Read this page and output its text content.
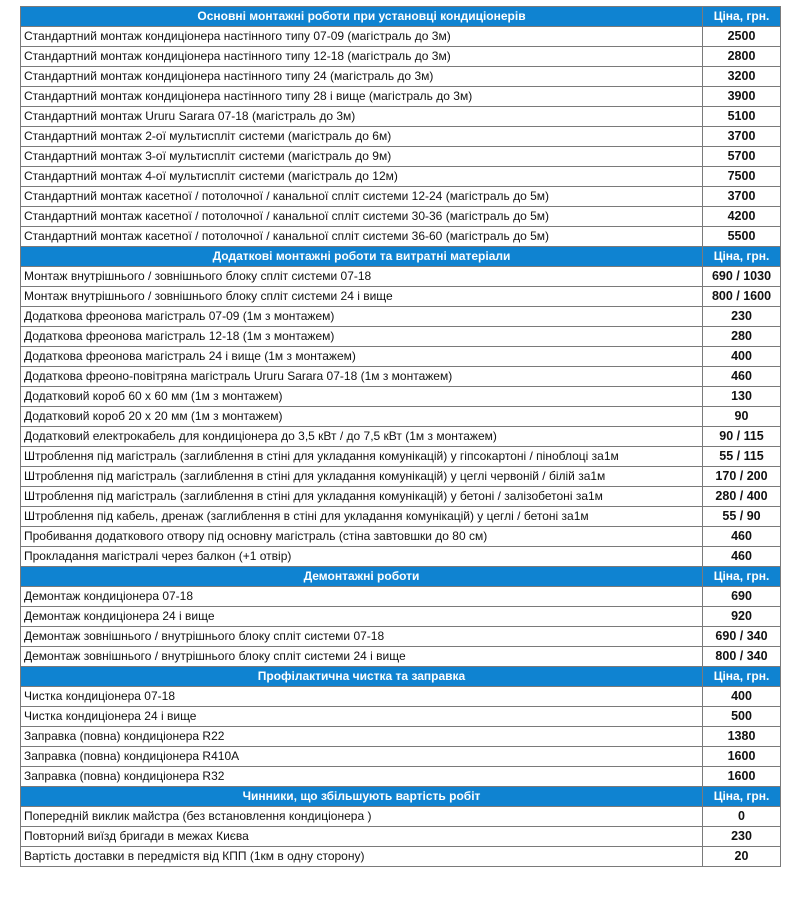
Основні монтажні роботи при установці кондиціонерів	Ціна, грн.
Стандартний монтаж кондиціонера настінного типу 07-09 (магістраль до 3м)	2500
Стандартний монтаж кондиціонера настінного типу 12-18 (магістраль до 3м)	2800
Стандартний монтаж кондиціонера настінного типу 24 (магістраль до 3м)	3200
Стандартний монтаж кондиціонера настінного типу 28 і вище (магістраль до 3м)	3900
Стандартний монтаж Ururu Sarara 07-18 (магістраль до 3м)	5100
Стандартний монтаж 2-ої мультиспліт системи (магістраль до 6м)	3700
Стандартний монтаж 3-ої мультиспліт системи (магістраль до 9м)	5700
Стандартний монтаж 4-ої мультиспліт системи (магістраль до 12м)	7500
Стандартний монтаж касетної / потолочної / канальної спліт системи 12-24 (магістраль до 5м)	3700
Стандартний монтаж касетної / потолочної / канальної спліт системи 30-36 (магістраль до 5м)	4200
Стандартний монтаж касетної / потолочної / канальної спліт системи 36-60 (магістраль до 5м)	5500
Додаткові монтажні роботи та витратні матеріали	Ціна, грн.
Монтаж внутрішнього / зовнішнього блоку спліт системи 07-18	690 / 1030
Монтаж внутрішнього / зовнішнього блоку спліт системи 24 і вище	800 / 1600
Додаткова фреонова магістраль 07-09 (1м з монтажем)	230
Додаткова фреонова магістраль 12-18 (1м з монтажем)	280
Додаткова фреонова магістраль 24 і вище (1м з монтажем)	400
Додаткова фреоно-повітряна магістраль Ururu Sarara 07-18 (1м з монтажем)	460
Додатковий короб 60 х 60 мм (1м з монтажем)	130
Додатковий короб 20 х 20 мм (1м з монтажем)	90
Додатковий електрокабель для кондиціонера до 3,5 кВт / до 7,5 кВт (1м з монтажем)	90 / 115
Штроблення під магістраль (заглиблення в стіні для укладання комунікацій) у гіпсокартоні / піноблоці за1м	55 / 115
Штроблення під магістраль (заглиблення в стіні для укладання комунікацій) у цеглі червоній / білій за1м	170 / 200
Штроблення під магістраль (заглиблення в стіні для укладання комунікацій) у бетоні / залізобетоні за1м	280 / 400
Штроблення під кабель, дренаж (заглиблення в стіні для укладання комунікацій) у цеглі / бетоні за1м	55 / 90
Пробивання додаткового отвору під основну магістраль (стіна завтовшки до 80 см)	460
Прокладання магістралі через балкон (+1 отвір)	460
Демонтажні роботи	Ціна, грн.
Демонтаж кондиціонера 07-18	690
Демонтаж кондиціонера 24 і вище	920
Демонтаж зовнішнього / внутрішнього блоку спліт системи 07-18	690 / 340
Демонтаж зовнішнього / внутрішнього блоку спліт системи 24 і вище	800 / 340
Профілактична чистка та заправка	Ціна, грн.
Чистка кондиціонера 07-18	400
Чистка кондиціонера 24 і вище	500
Заправка (повна) кондиціонера R22	1380
Заправка (повна) кондиціонера R410A	1600
Заправка (повна) кондиціонера R32	1600
Чинники, що збільшують вартість робіт	Ціна, грн.
Попередній виклик майстра (без встановлення кондиціонера )	0
Повторний виїзд бригади в межах Києва	230
Вартість доставки в передмістя від КПП (1км в одну сторону)	20
